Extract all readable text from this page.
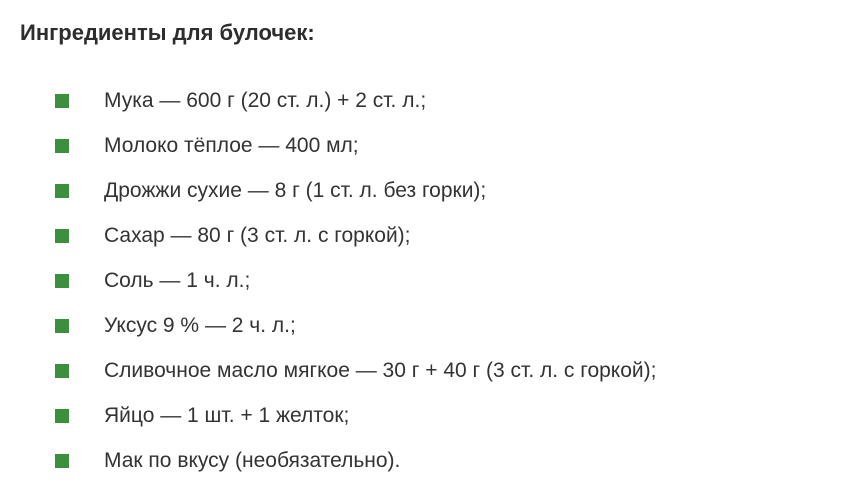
Ингредиенты для булочек:
Мука — 600 г (20 ст. л.) + 2 ст. л.;
Молоко тёплое — 400 мл;
Дрожжи сухие — 8 г (1 ст. л. без горки);
Сахар — 80 г (3 ст. л. с горкой);
Соль — 1 ч. л.;
Уксус 9 % — 2 ч. л.;
Сливочное масло мягкое — 30 г + 40 г (3 ст. л. с горкой);
Яйцо — 1 шт. + 1 желток;
Мак по вкусу (необязательно).
